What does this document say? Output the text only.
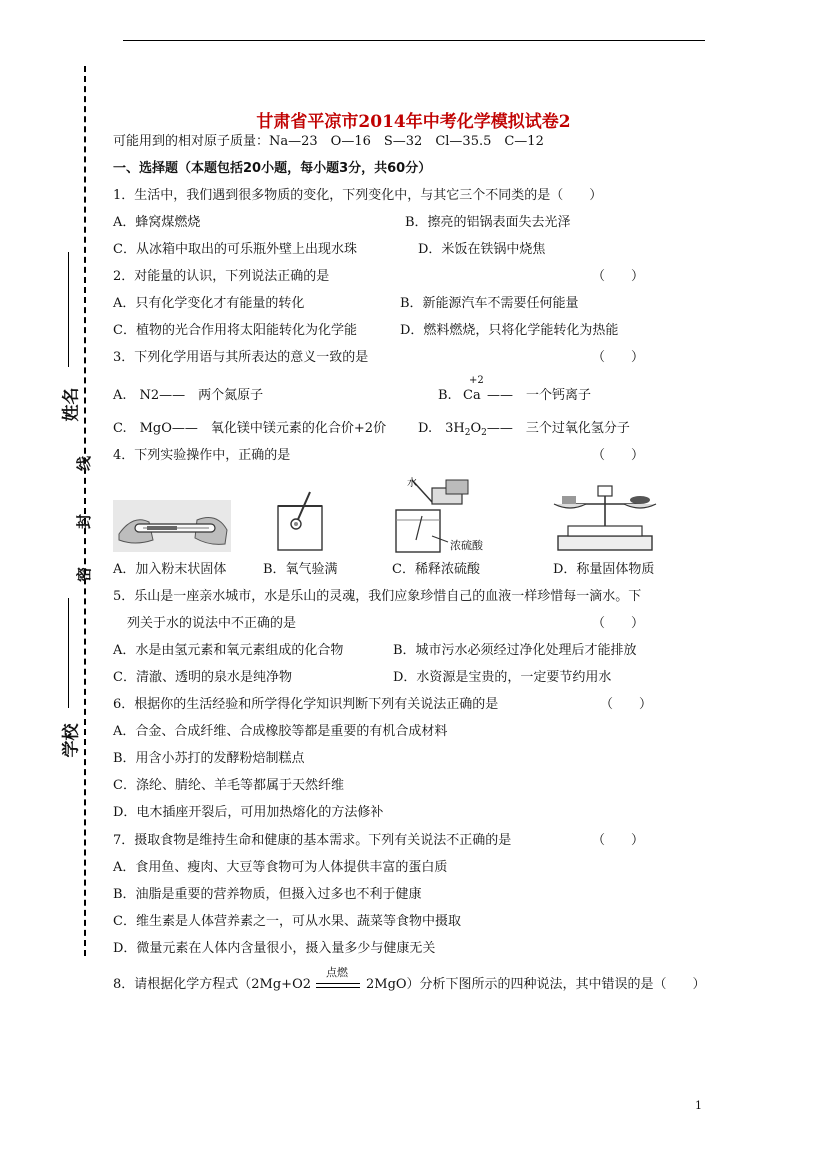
姓名
线
封
密
学校
甘肃省平凉市2014年中考化学模拟试卷2
可能用到的相对原子质量：Na—23　O—16　S—32　Cl—35.5　C—12
一、选择题（本题包括20小题，每小题3分，共60分）
1．生活中，我们遇到很多物质的变化，下列变化中，与其它三个不同类的是（　　）
A．蜂窝煤燃烧	B．擦亮的铝锅表面失去光泽
C．从冰箱中取出的可乐瓶外壁上出现水珠	D．米饭在铁锅中烧焦
2．对能量的认识，下列说法正确的是	（　　）
A．只有化学变化才有能量的转化	B．新能源汽车不需要任何能量
C．植物的光合作用将太阳能转化为化学能	D．燃料燃烧，只将化学能转化为热能
3．下列化学用语与其所表达的意义一致的是	（　　）
A.　N2——　两个氮原子	B.　
Ca
+2
——　一个钙离子
C.　MgO——　氧化镁中镁元素的化合价+2价 D.　$3H_2O_2——$　三个过氧化氢分子
4．下列实验操作中，正确的是	（　　）
水
浓硫酸
A．加入粉末状固体	B．氧气验满	C．稀释浓硫酸	D．称量固体物质
5．乐山是一座亲水城市，水是乐山的灵魂，我们应象珍惜自己的血液一样珍惜每一滴水。下
列关于水的说法中不正确的是	（　　）
A．水是由氢元素和氧元素组成的化合物	B．城市污水必须经过净化处理后才能排放
C．清澈、透明的泉水是纯净物	D．水资源是宝贵的，一定要节约用水
6．根据你的生活经验和所学得化学知识判断下列有关说法正确的是	（　　）
A．合金、合成纤维、合成橡胶等都是重要的有机合成材料
B．用含小苏打的发酵粉焙制糕点
C．涤纶、腈纶、羊毛等都属于天然纤维
D．电木插座开裂后，可用加热熔化的方法修补
7．摄取食物是维持生命和健康的基本需求。下列有关说法不正确的是	（　　）
A．食用鱼、瘦肉、大豆等食物可为人体提供丰富的蛋白质
B．油脂是重要的营养物质，但摄入过多也不利于健康
C．维生素是人体营养素之一，可从水果、蔬菜等食物中摄取
D．微量元素在人体内含量很小，摄入量多少与健康无关
8．请根据化学方程式（2Mg+O2
点燃
2MgO）分析下图所示的四种说法，其中错误的是（　　）
1
